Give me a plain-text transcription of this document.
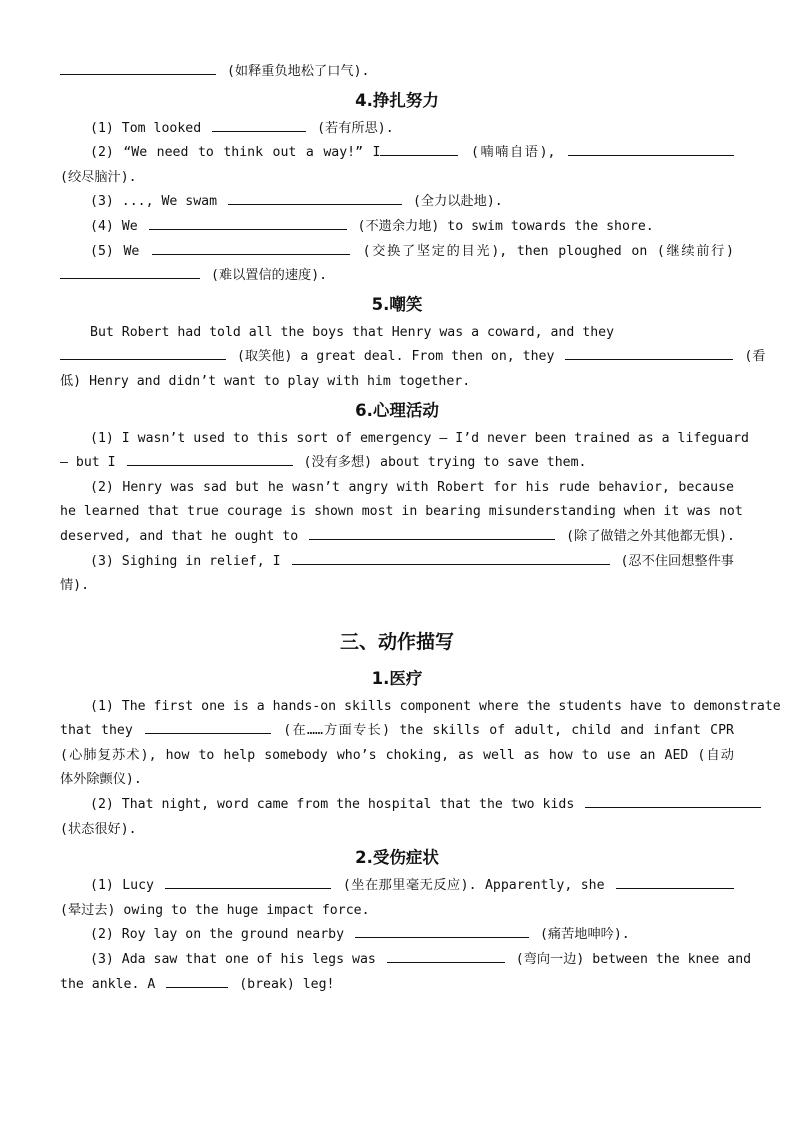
(如释重负地松了口气).
4.挣扎努力
(1) Tom looked	(若有所思).
(2) “We need to think out a way!” I	(喃喃自语),
(绞尽脑汁).
(3) ..., We swam	(全力以赴地).
(4) We	(不遗余力地) to swim towards the shore.
(5) We	(交换了坚定的目光), then ploughed on (继续前行)
(难以置信的速度).
5.嘲笑
But Robert had told all the boys that Henry was a coward, and they
(取笑他) a great deal. From then on, they	(看
低) Henry and didn’t want to play with him together.
6.心理活动
(1) I wasn’t used to this sort of emergency — I’d never been trained as a lifeguard
— but I	(没有多想) about trying to save them.
(2) Henry was sad but he wasn’t angry with Robert for his rude behavior, because
he learned that true courage is shown most in bearing misunderstanding when it was not
deserved, and that he ought to	(除了做错之外其他都无惧).
(3) Sighing in relief, I	(忍不住回想整件事
情).
三、动作描写
1.医疗
(1) The first one is a hands-on skills component where the students have to demonstrate
that they	(在……方面专长) the skills of adult, child and infant CPR
(心肺复苏术), how to help somebody who’s choking, as well as how to use an AED (自动
体外除颤仪).
(2) That night, word came from the hospital that the two kids
(状态很好).
2.受伤症状
(1) Lucy	(坐在那里毫无反应). Apparently, she
(晕过去) owing to the huge impact force.
(2) Roy lay on the ground nearby	(痛苦地呻吟).
(3) Ada saw that one of his legs was	(弯向一边) between the knee and
the ankle. A	(break) leg!
